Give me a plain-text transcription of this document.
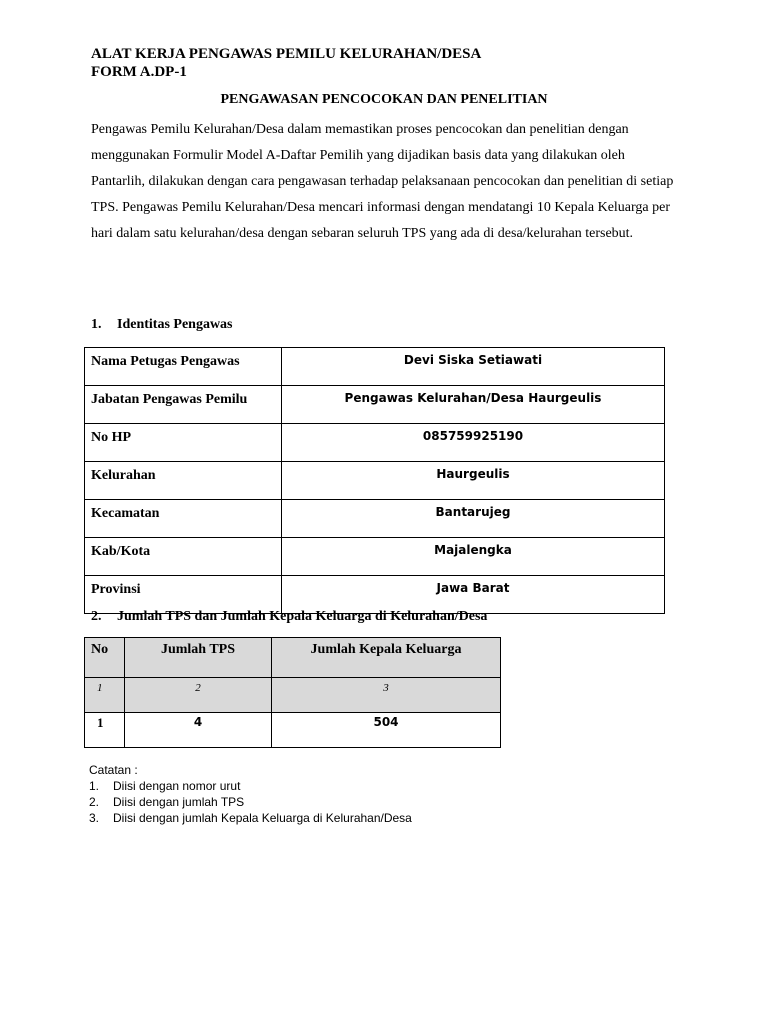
ALAT KERJA PENGAWAS PEMILU KELURAHAN/DESA
FORM A.DP-1
PENGAWASAN PENCOCOKAN DAN PENELITIAN
Pengawas Pemilu Kelurahan/Desa dalam memastikan proses pencocokan dan penelitian dengan menggunakan Formulir Model A-Daftar Pemilih yang dijadikan basis data yang dilakukan oleh Pantarlih, dilakukan dengan cara pengawasan terhadap pelaksanaan pencocokan dan penelitian di setiap TPS. Pengawas Pemilu Kelurahan/Desa mencari informasi dengan mendatangi 10 Kepala Keluarga per hari dalam satu kelurahan/desa dengan sebaran seluruh TPS yang ada di desa/kelurahan tersebut.
1. Identitas Pengawas
Nama Petugas Pengawas	Devi Siska Setiawati
Jabatan Pengawas Pemilu	Pengawas Kelurahan/Desa Haurgeulis
No HP	085759925190
Kelurahan	Haurgeulis
Kecamatan	Bantarujeg
Kab/Kota	Majalengka
Provinsi	Jawa Barat
2. Jumlah TPS dan Jumlah Kepala Keluarga di Kelurahan/Desa
No	Jumlah TPS	Jumlah Kepala Keluarga
1	2	3
1	4	504
Catatan :
1. Diisi dengan nomor urut
2. Diisi dengan jumlah TPS
3. Diisi dengan jumlah Kepala Keluarga di Kelurahan/Desa
